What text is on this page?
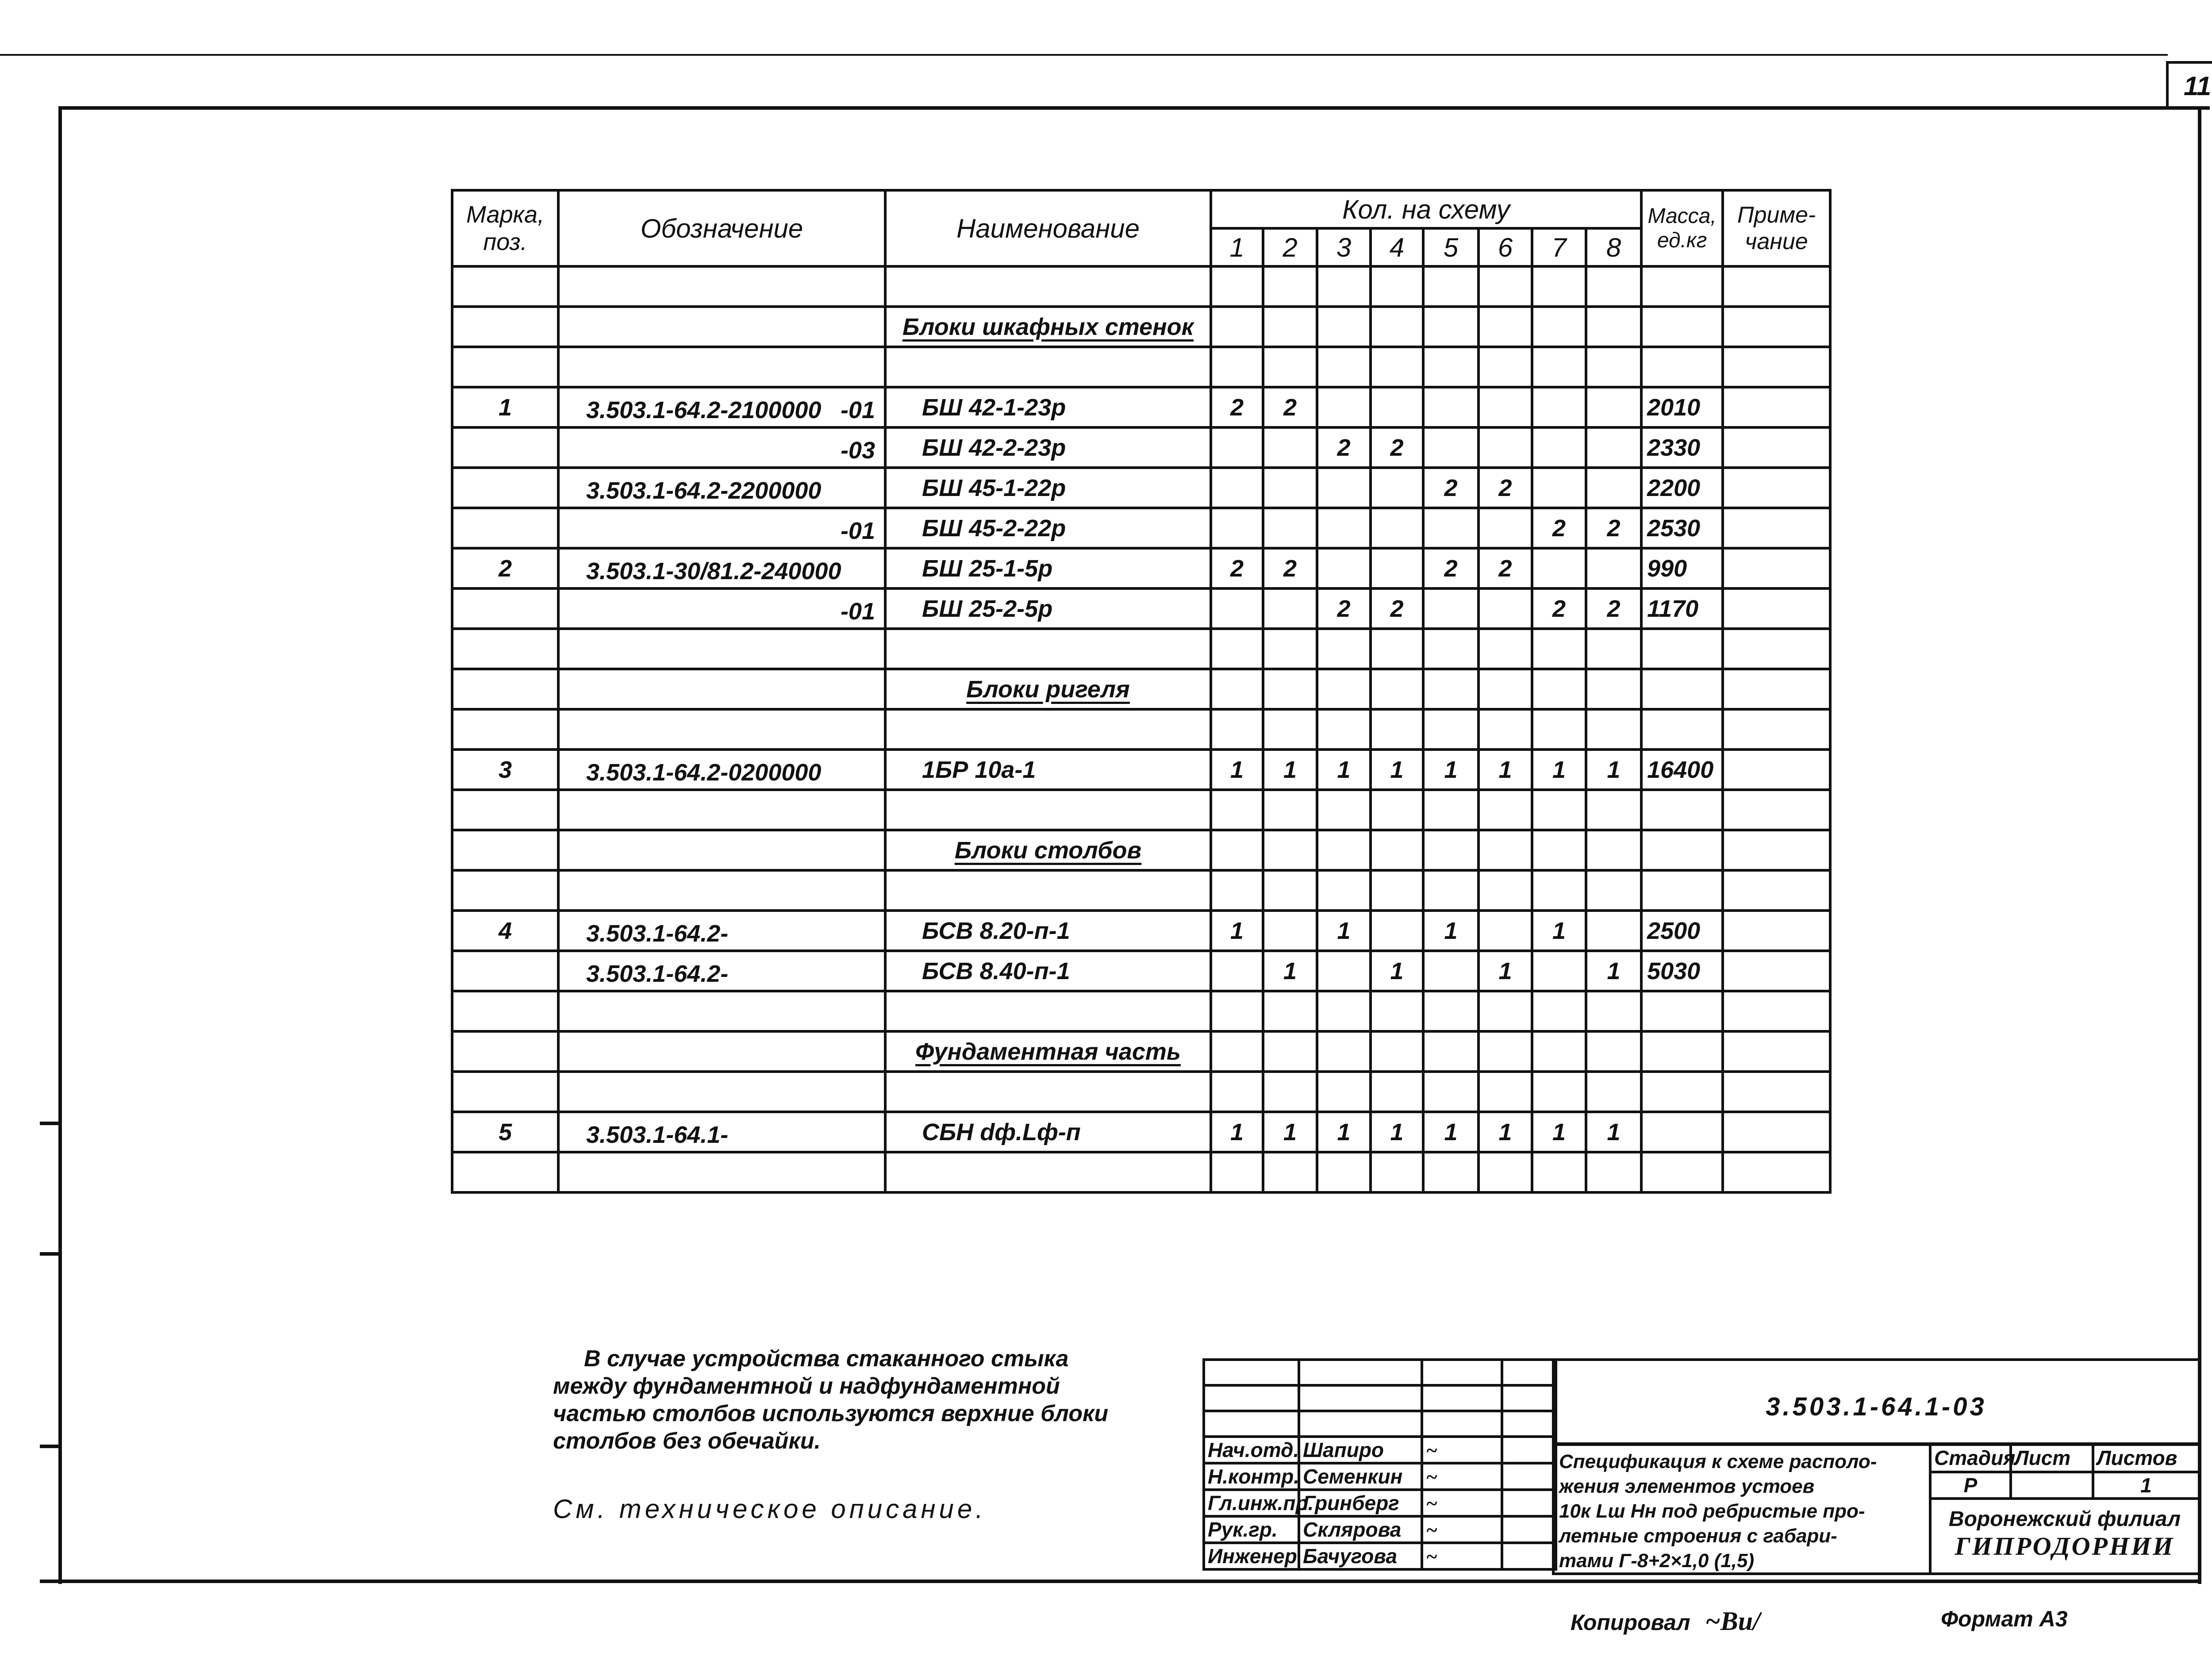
11
Марка, поз.	Обозначение	Наименование	Кол. на схему								Масса, ед.кг	Приме-чание
			1	2	3	4	5	6	7	8		

		Блоки шкафных стенок										

1	3.503.1-64.2-2100000 -01	БШ 42-1-23р	2	2							2010	

	-03	БШ 42-2-23р			2	2					2330	

	3.503.1-64.2-2200000	БШ 45-1-22р					2	2			2200	

	-01	БШ 45-2-22р							2	2	2530	
2	3.503.1-30/81.2-240000	БШ 25-1-5р	2	2			2	2			990	

	-01	БШ 25-2-5р			2	2			2	2	1170	

		Блоки ригеля										

3	3.503.1-64.2-0200000	1БР 10а-1	1	1	1	1	1	1	1	1	16400	

		Блоки столбов										

4	3.503.1-64.2-	БСВ 8.20-п-1	1		1		1		1		2500	

	3.503.1-64.2-	БСВ 8.40-п-1		1		1		1		1	5030	

		Фундаментная часть										

5	3.503.1-64.1-	СБН dф.Lф-п	1	1	1	1	1	1	1	1		

В случае устройства стаканного стыка
между фундаментной и надфундаментной
частью столбов используются верхние блоки
столбов без обечайки.
См. техническое описание.

Нач.отд.	Шапиро	~	
Н.контр.	Семенкин	~	
Гл.инж.пр.	Гринберг	~	
Рук.гр.	Склярова	~	
Инженер	Бачугова	~	
3.503.1-64.1-03
Спецификация к схеме располо-
жения элементов устоев
10к Lш Нн под ребристые про-
летные строения с габари-
тами Г-8+2×1,0 (1,5)
Стадия	Лист	Листов
Р		1
Воронежский филиал
ГИПРОДОРНИИ
Копировал ~Bu/	Формат А3
